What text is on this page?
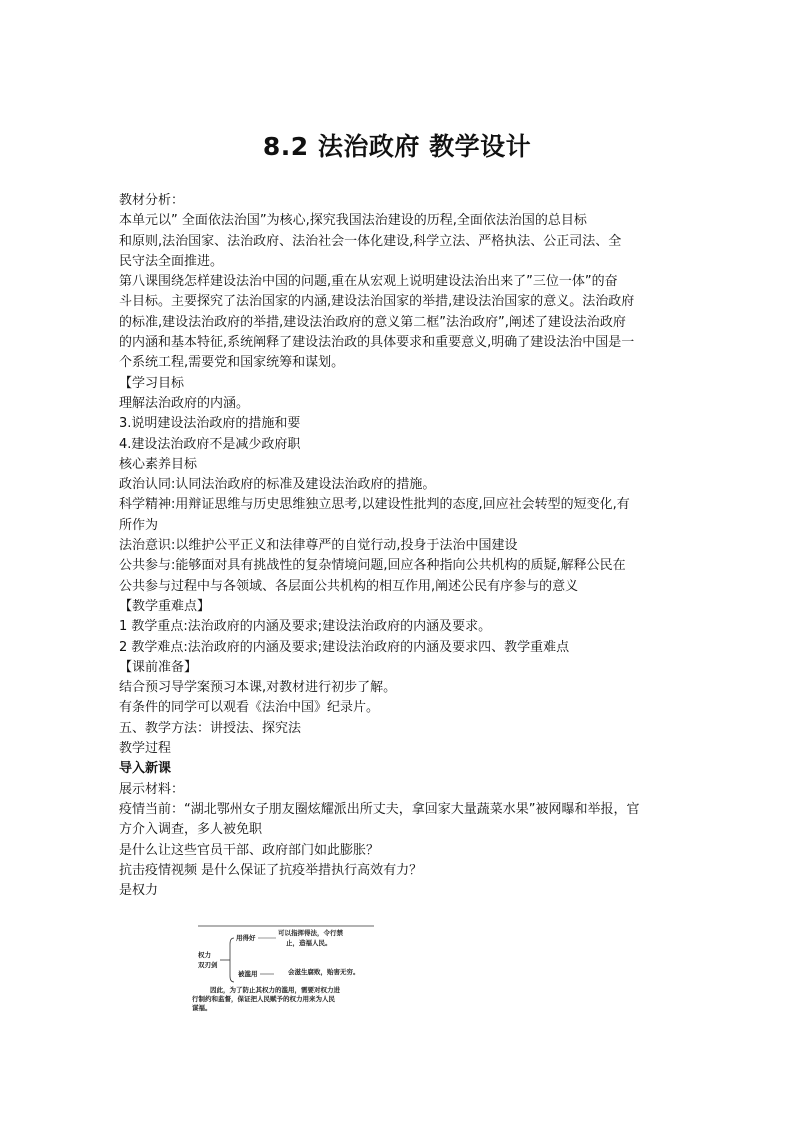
8.2 法治政府 教学设计
教材分析：
本单元以” 全面依法治国”为核心,探究我国法治建设的历程,全面依法治国的总目标
和原则,法治国家、法治政府、法治社会一体化建设,科学立法、严格执法、公正司法、全
民守法全面推进。
第八课围绕怎样建设法治中国的问题,重在从宏观上说明建设法治出来了”三位一体”的奋
斗目标。主要探究了法治国家的内涵,建设法治国家的举措,建设法治国家的意义。法治政府
的标准,建设法治政府的举措,建设法治政府的意义第二框”法治政府”,阐述了建设法治政府
的内涵和基本特征,系统阐释了建设法治政的具体要求和重要意义,明确了建设法治中国是一
个系统工程,需要党和国家统筹和谋划。
【学习目标
理解法治政府的内涵。
3.说明建设法治政府的措施和要
4.建设法治政府不是减少政府职
核心素养目标
政治认同:认同法治政府的标准及建设法治政府的措施。
科学精神:用辩证思维与历史思维独立思考,以建设性批判的态度,回应社会转型的短变化,有
所作为
法治意识:以维护公平正义和法律尊严的自觉行动,投身于法治中国建设
公共参与:能够面对具有挑战性的复杂情境问题,回应各种指向公共机构的质疑,解释公民在
公共参与过程中与各领域、各层面公共机构的相互作用,阐述公民有序参与的意义
【教学重难点】
1 教学重点:法治政府的内涵及要求;建设法治政府的内涵及要求。
2 教学难点:法治政府的内涵及要求;建设法治政府的内涵及要求四、教学重难点
【课前准备】
结合预习导学案预习本课,对教材进行初步了解。
有条件的同学可以观看《法治中国》纪录片。
五、教学方法：讲授法、探究法
教学过程
导入新课
展示材料：
疫情当前：“湖北鄂州女子朋友圈炫耀派出所丈夫，拿回家大量蔬菜水果”被网曝和举报，官
方介入调查，多人被免职
是什么让这些官员干部、政府部门如此膨胀？
抗击疫情视频 是什么保证了抗疫举措执行高效有力？
是权力
权力
双刃剑
用得好
可以指挥得法，令行禁
止，造福人民。
被滥用	会滋生腐败，贻害无穷。
因此，为了防止其权力的滥用，需要对权力进
行制约和监督，保证把人民赋予的权力用来为人民
谋福。
